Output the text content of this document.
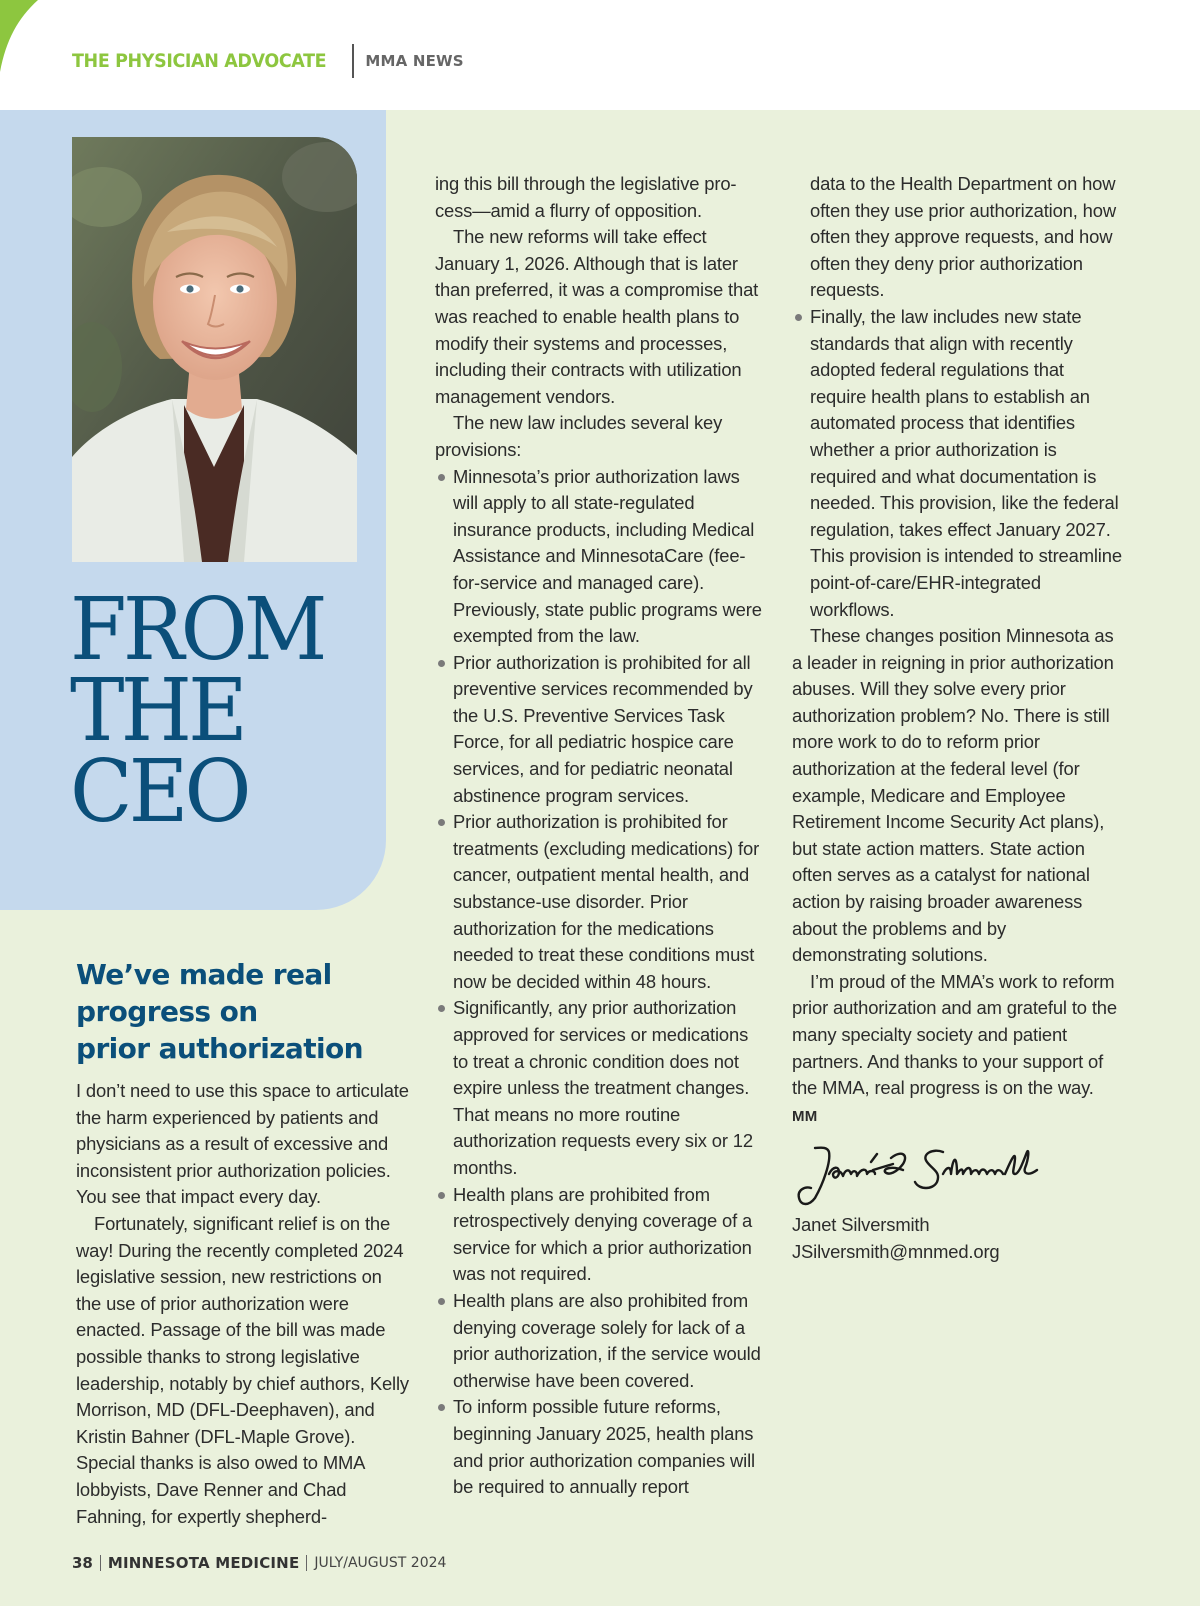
THE PHYSICIAN ADVOCATE	MMA NEWS
FROM
THE
CEO
We’ve made real
progress on
prior authorization

I don’t need to use this space to articulate the harm experienced by patients and physicians as a result of excessive and inconsistent prior authorization policies. You see that impact every day.

Fortunately, significant relief is on the way! During the recently completed 2024 legislative session, new restrictions on the use of prior authorization were enacted. Passage of the bill was made possible thanks to strong legislative leadership, notably by chief authors, Kelly Morrison, MD (DFL-Deephaven), and Kristin Bahner (DFL-Maple Grove). Special thanks is also owed to MMA lobbyists, Dave Renner and Chad Fahning, for expertly shepherd-

ing this bill through the legislative pro-cess—amid a flurry of opposition.

The new reforms will take effect January 1, 2026. Although that is later than preferred, it was a compromise that was reached to enable health plans to modify their systems and processes, including their contracts with utilization management vendors.

The new law includes several key provisions:

Minnesota’s prior authorization laws will apply to all state-regulated insurance products, including Medical Assistance and MinnesotaCare (fee-for-service and managed care). Previously, state public programs were exempted from the law.

Prior authorization is prohibited for all preventive services recommended by the U.S. Preventive Services Task Force, for all pediatric hospice care services, and for pediatric neonatal abstinence program services.

Prior authorization is prohibited for treatments (excluding medications) for cancer, outpatient mental health, and substance-use disorder. Prior authorization for the medications needed to treat these conditions must now be decided within 48 hours.

Significantly, any prior authorization approved for services or medications to treat a chronic condition does not expire unless the treatment changes. That means no more routine authorization requests every six or 12 months.

Health plans are prohibited from retrospectively denying coverage of a service for which a prior authorization was not required.

Health plans are also prohibited from denying coverage solely for lack of a prior authorization, if the service would otherwise have been covered.

To inform possible future reforms, beginning January 2025, health plans and prior authorization companies will be required to annually report

data to the Health Department on how often they use prior authorization, how often they approve requests, and how often they deny prior authorization requests.

Finally, the law includes new state standards that align with recently adopted federal regulations that require health plans to establish an automated process that identifies whether a prior authorization is required and what documentation is needed. This provision, like the federal regulation, takes effect January 2027. This provision is intended to streamline point-of-care/EHR-integrated workflows.

These changes position Minnesota as a leader in reigning in prior authorization abuses. Will they solve every prior authorization problem? No. There is still more work to do to reform prior authorization at the federal level (for example, Medicare and Employee Retirement Income Security Act plans), but state action matters. State action often serves as a catalyst for national action by raising broader awareness about the problems and by demonstrating solutions.

I’m proud of the MMA’s work to reform prior authorization and am grateful to the many specialty society and patient partners. And thanks to your support of the MMA, real progress is on the way. MM

Janet Silversmith

JSilversmith@mnmed.org

38 MINNESOTA MEDICINE JULY/AUGUST 2024
